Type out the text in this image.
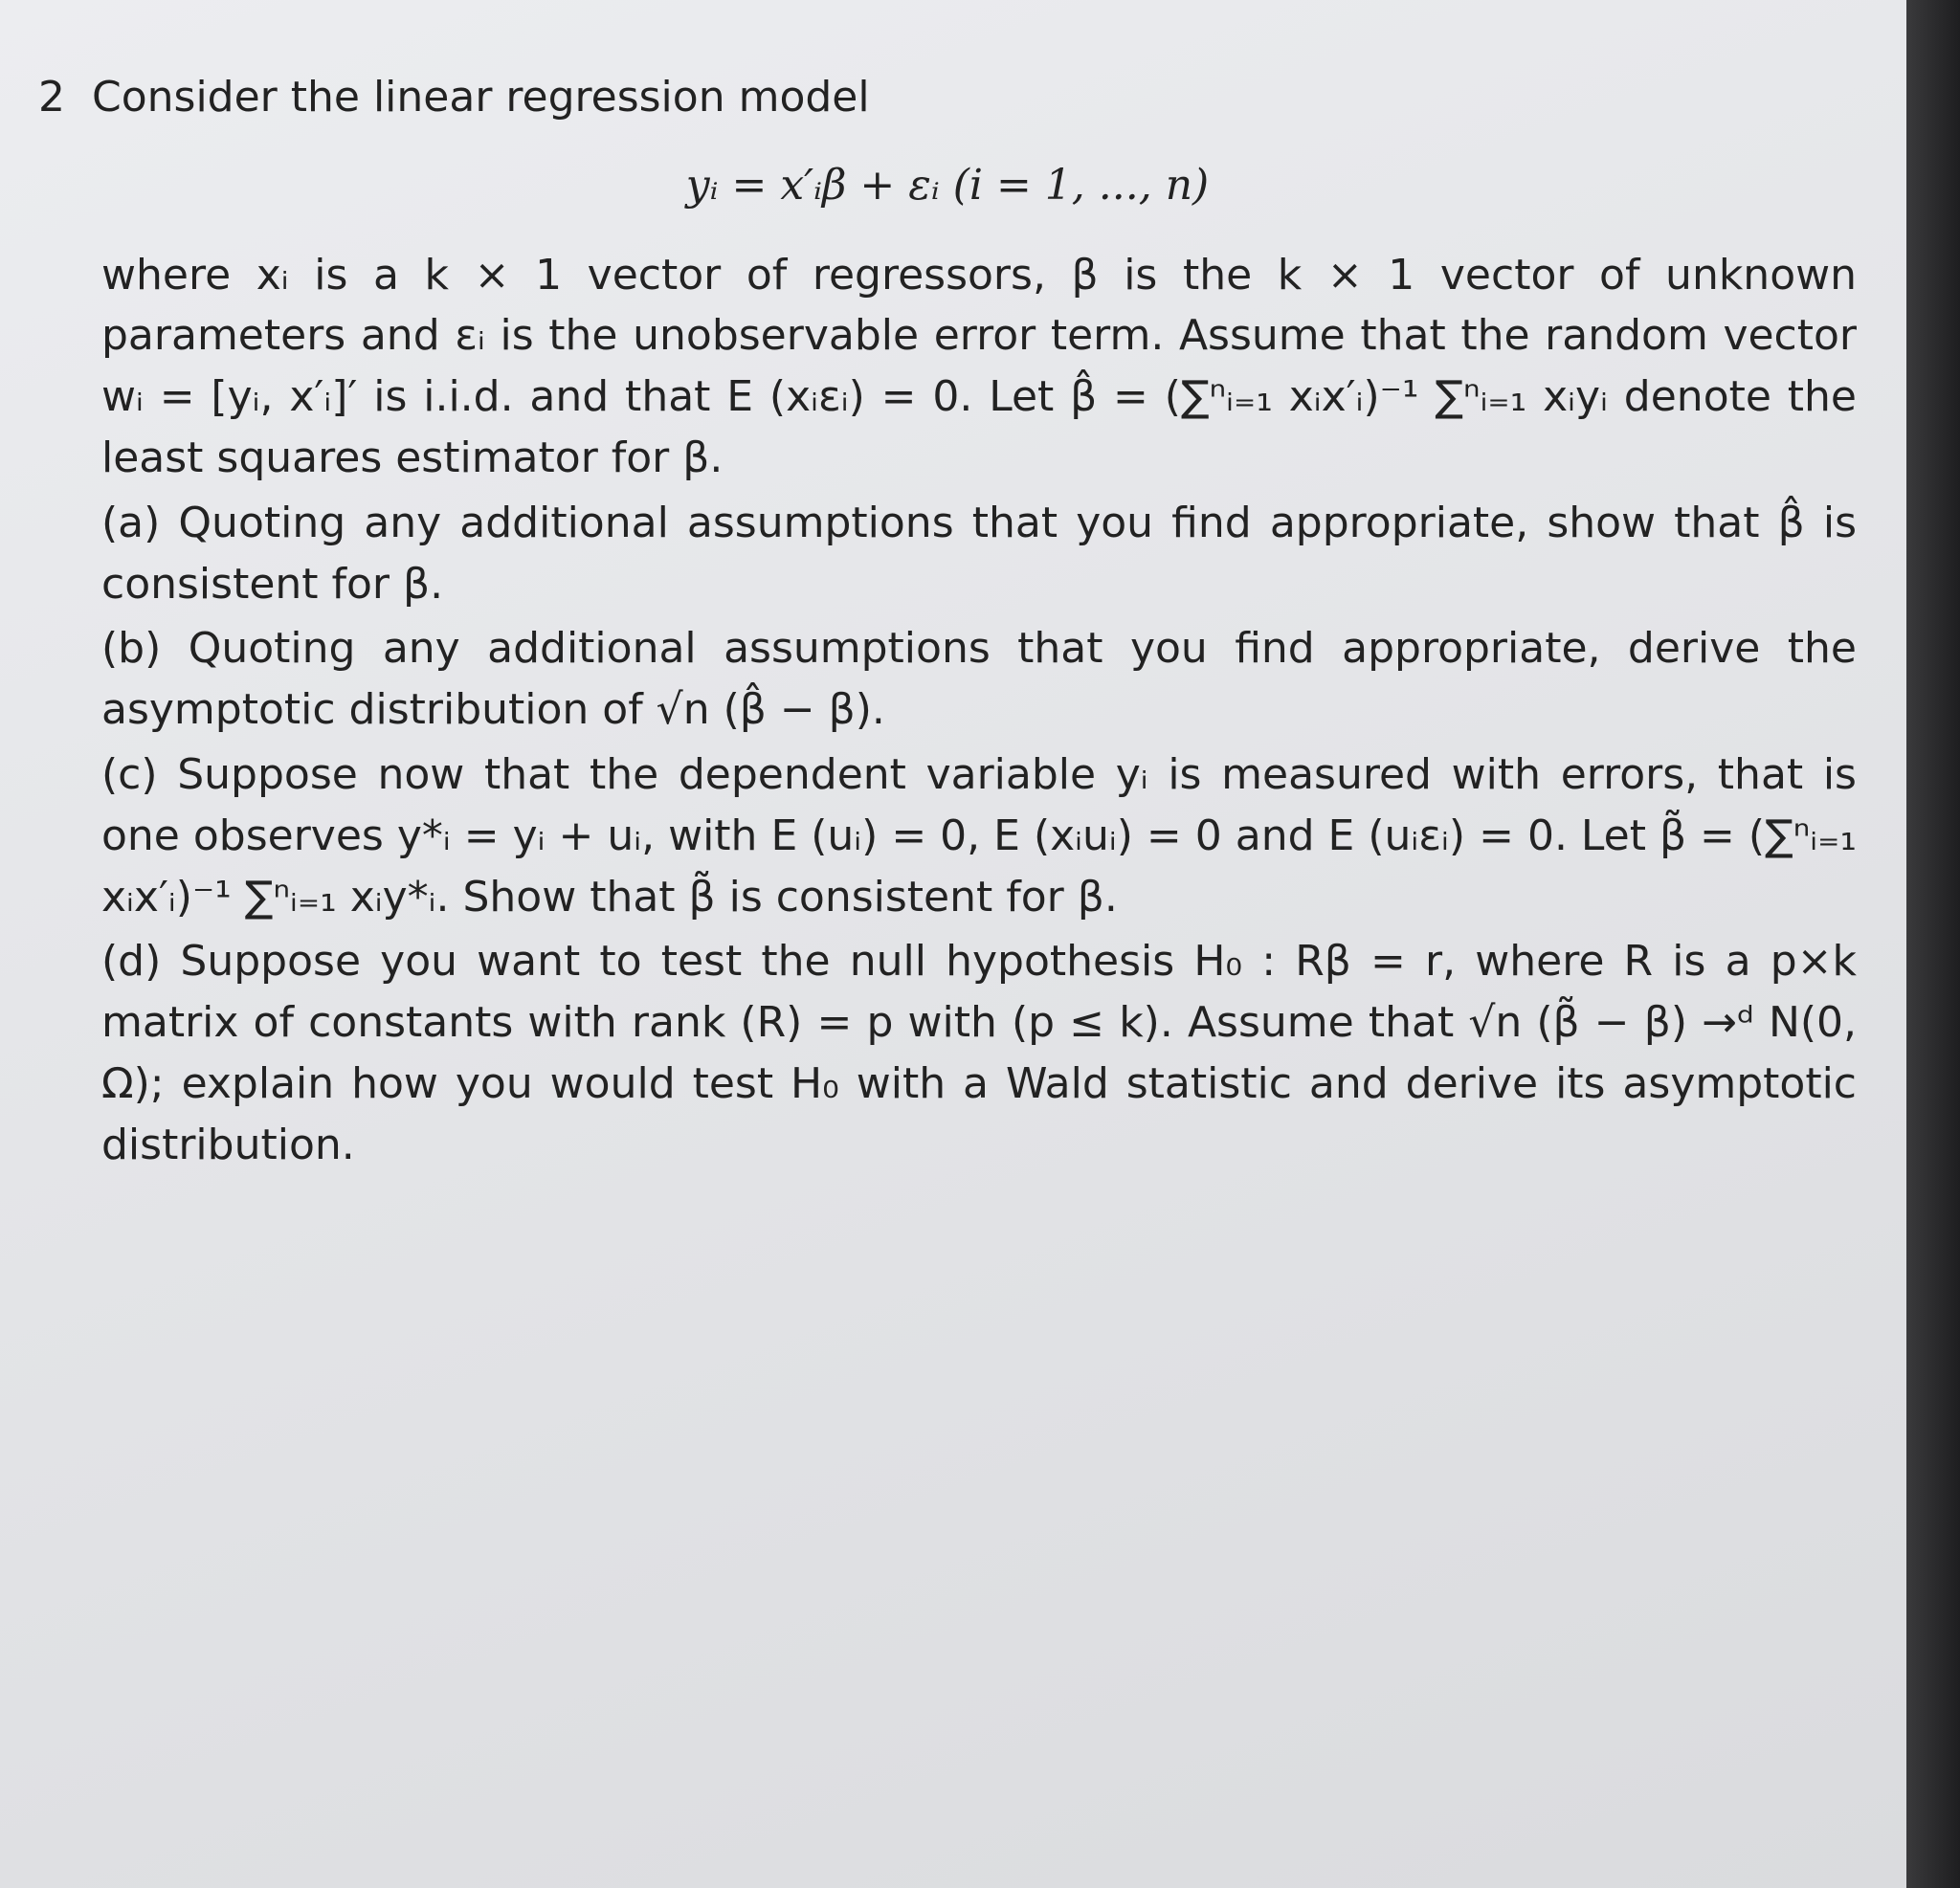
2 Consider the linear regression model

yᵢ = x′ᵢβ + εᵢ (i = 1, ..., n)

where xᵢ is a k × 1 vector of regressors, β is the k × 1 vector of unknown parameters and εᵢ is the unobservable error term. Assume that the random vector wᵢ = [yᵢ, x′ᵢ]′ is i.i.d. and that E (xᵢεᵢ) = 0. Let β̂ = (∑ⁿᵢ₌₁ xᵢx′ᵢ)⁻¹ ∑ⁿᵢ₌₁ xᵢyᵢ denote the least squares estimator for β.

(a) Quoting any additional assumptions that you find appropriate, show that β̂ is consistent for β.

(b) Quoting any additional assumptions that you find appropriate, derive the asymptotic distribution of √n (β̂ − β).

(c) Suppose now that the dependent variable yᵢ is measured with errors, that is one observes y*ᵢ = yᵢ + uᵢ, with E (uᵢ) = 0, E (xᵢuᵢ) = 0 and E (uᵢεᵢ) = 0. Let β̃ = (∑ⁿᵢ₌₁ xᵢx′ᵢ)⁻¹ ∑ⁿᵢ₌₁ xᵢy*ᵢ. Show that β̃ is consistent for β.

(d) Suppose you want to test the null hypothesis H₀ : Rβ = r, where R is a p×k matrix of constants with rank (R) = p with (p ≤ k). Assume that √n (β̃ − β) →ᵈ N(0, Ω); explain how you would test H₀ with a Wald statistic and derive its asymptotic distribution.
